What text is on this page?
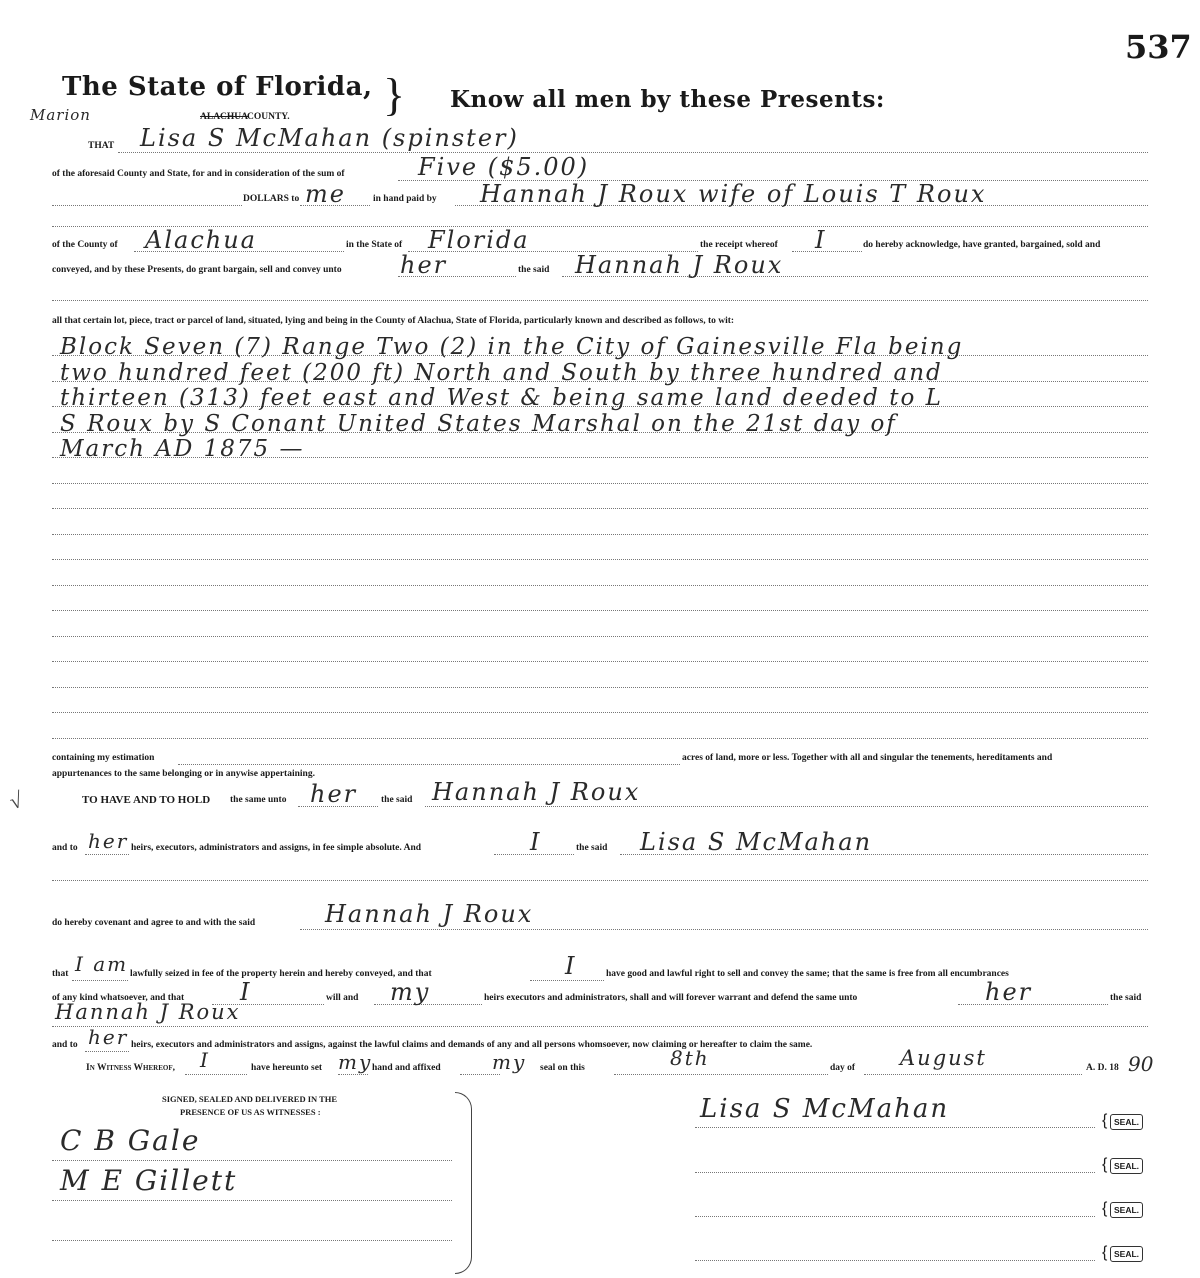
537
The State of Florida, } Know all men by these Presents:
Marion	ALACHUA
COUNTY.
THAT Lisa S McMahan (spinster)
of the aforesaid County and State, for and in consideration of the sum of	Five ($5.00)
DOLLARS to me	in hand paid by Hannah J Roux wife of Louis T Roux
of the County of Alachua	in the State of Florida	the receipt whereof I	do hereby acknowledge, have granted, bargained, sold and
conveyed, and by these Presents, do grant bargain, sell and convey unto her	the said Hannah J Roux
all that certain lot, piece, tract or parcel of land, situated, lying and being in the County of Alachua, State of Florida, particularly known and described as follows, to wit:
Block Seven (7) Range Two (2) in the City of Gainesville Fla being
two hundred feet (200 ft) North and South by three hundred and
thirteen (313) feet east and West & being same land deeded to L
S Roux by S Conant United States Marshal on the 21st day of
March AD 1875 —
containing my estimation	acres of land, more or less. Together with all and singular the tenements, hereditaments and
appurtenances to the same belonging or in anywise appertaining.
TO HAVE AND TO HOLD the same unto her	the said Hannah J Roux
and to her heirs, executors, administrators and assigns, in fee simple absolute. And	I	the said Lisa S McMahan
do hereby covenant and agree to and with the said	Hannah J Roux
that I am lawfully seized in fee of the property herein and hereby conveyed, and that	I	have good and lawful right to sell and convey the same; that the same is free from all encumbrances
of any kind whatsoever, and that I	will and my	heirs executors and administrators, shall and will forever warrant and defend the same unto	her	the said
Hannah J Roux
and to her heirs, executors and administrators and assigns, against the lawful claims and demands of any and all persons whomsoever, now claiming or hereafter to claim the same.
In Witness Whereof, I	have hereunto set my hand and affixed	my seal on this	8th	day of August	A. D. 18 90
SIGNED, SEALED AND DELIVERED IN THE
PRESENCE OF US AS WITNESSES :
C B Gale
M E Gillett
Lisa S McMahan
{	SEAL.
{ SEAL.
{ SEAL.
{ SEAL.
√
